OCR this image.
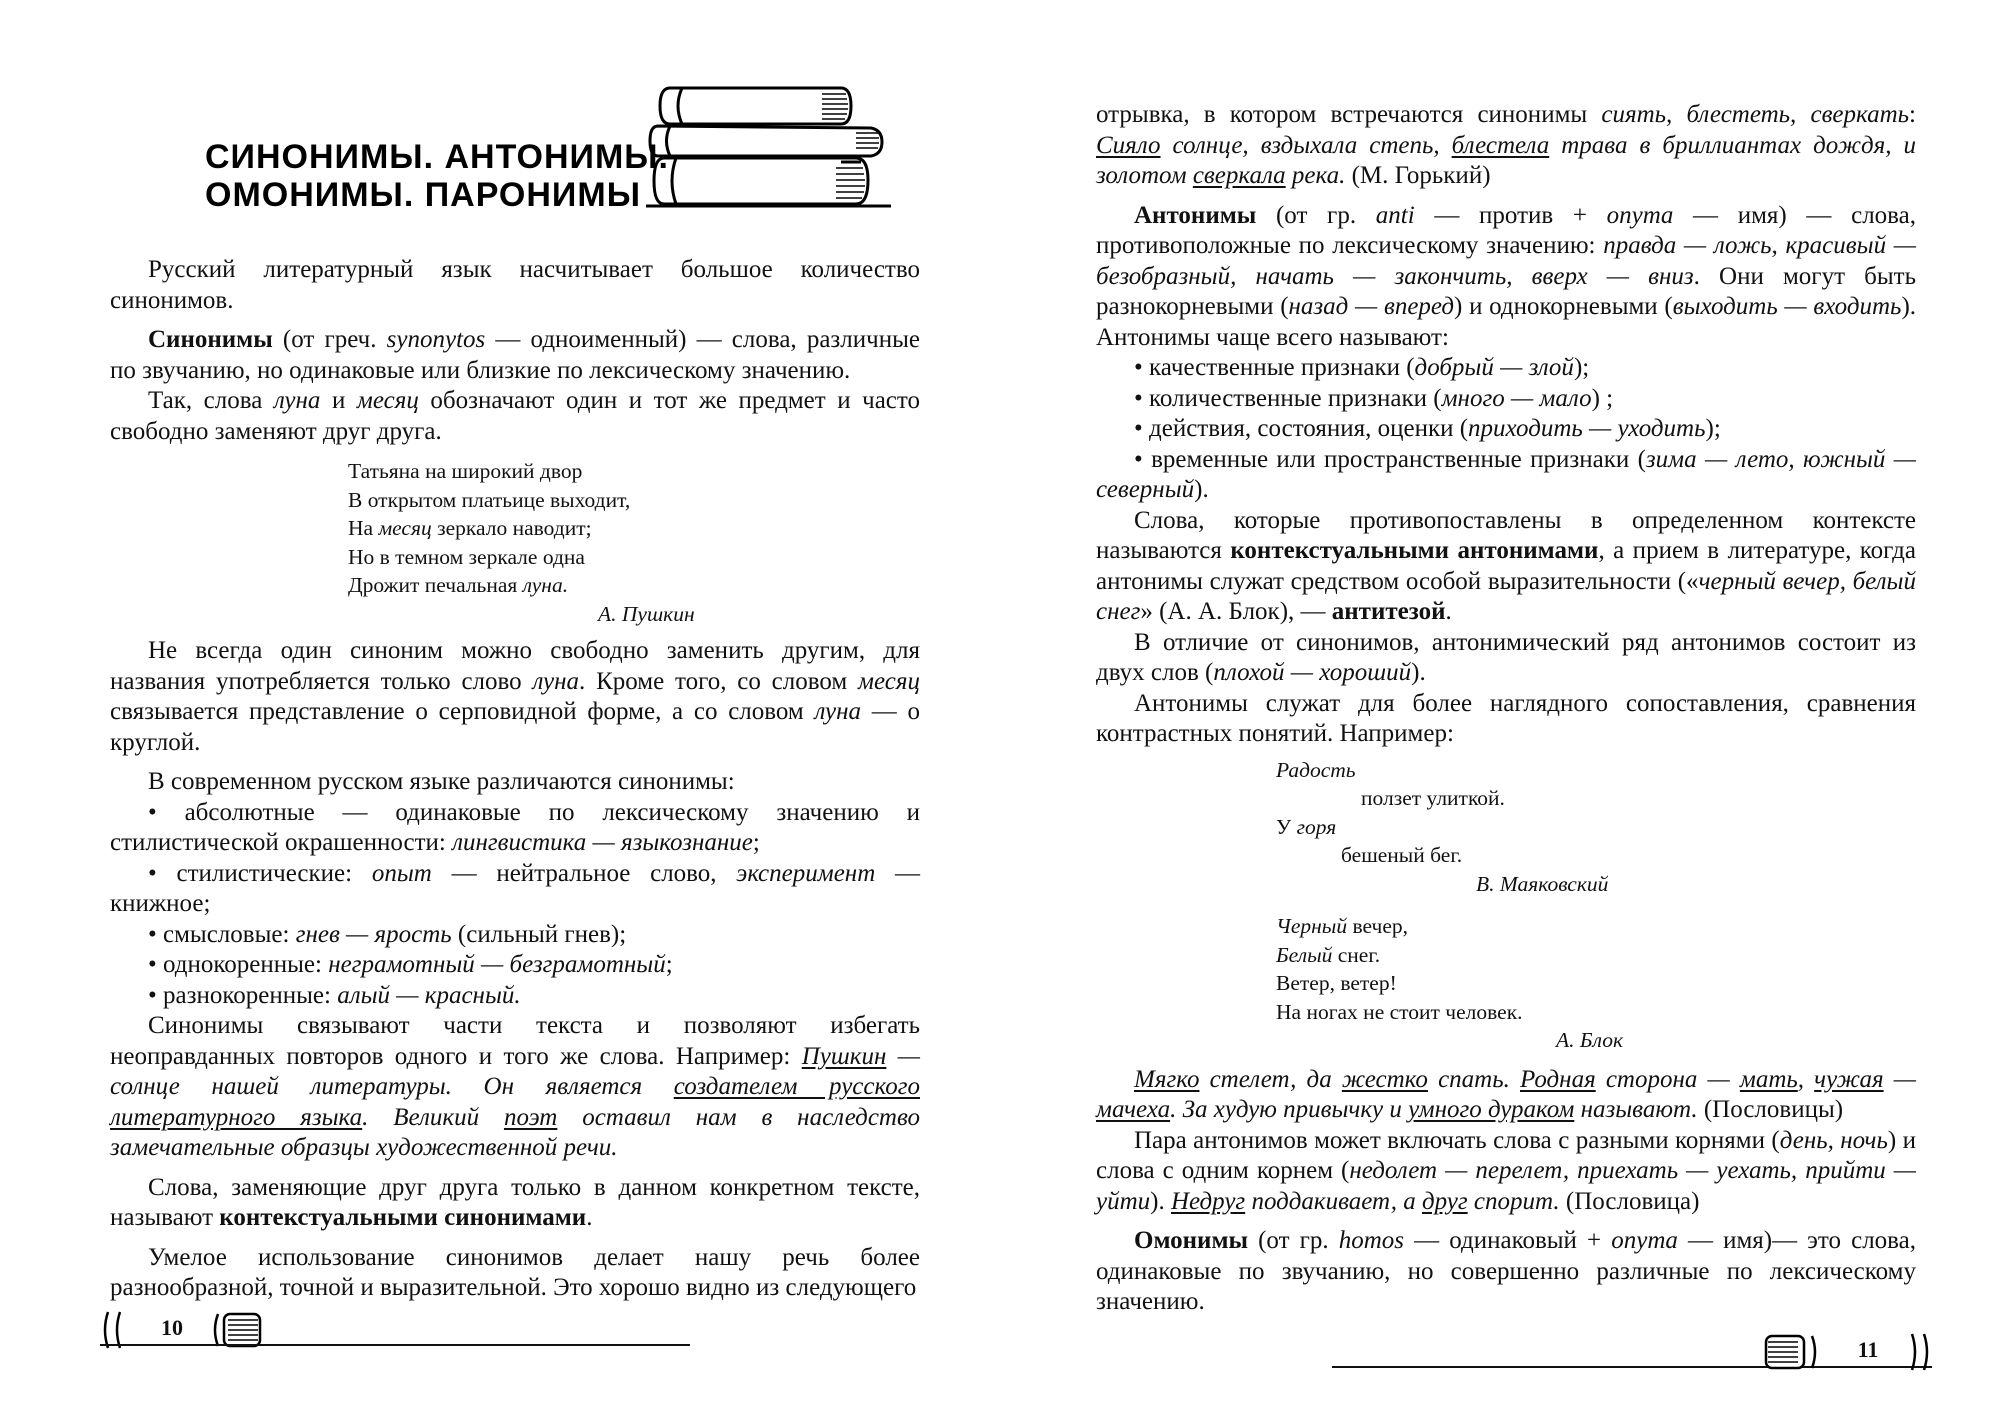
СИНОНИМЫ. АНТОНИМЫ.
ОМОНИМЫ. ПАРОНИМЫ

Русский литературный язык насчитывает большое количество синонимов.

Синонимы (от греч. synonytos — одноименный) — слова, различные по звучанию, но одинаковые или близкие по лексическому значению.

Так, слова луна и месяц обозначают один и тот же предмет и часто свободно заменяют друг друга.

Татьяна на широкий двор
В открытом платьице выходит,
На месяц зеркало наводит;
Но в темном зеркале одна
Дрожит печальная луна.
А. Пушкин

Не всегда один синоним можно свободно заменить другим, для названия употребляется только слово луна. Кроме того, со словом месяц связывается представление о серповидной форме, а со словом луна — о круглой.

В современном русском языке различаются синонимы:

• абсолютные — одинаковые по лексическому значению и стилистической окрашенности: лингвистика — языкознание;

• стилистические: опыт — нейтральное слово, эксперимент — книжное;

• смысловые: гнев — ярость (сильный гнев);

• однокоренные: неграмотный — безграмотный;

• разнокоренные: алый — красный.

Синонимы связывают части текста и позволяют избегать неоправданных повторов одного и того же слова. Например: Пушкин — солнце нашей литературы. Он является создателем русского литературного языка. Великий поэт оставил нам в наследство замечательные образцы художественной речи.

Слова, заменяющие друг друга только в данном конкретном тексте, называют контекстуальными синонимами.

Умелое использование синонимов делает нашу речь более разнообразной, точной и выразительной. Это хорошо видно из следующего

10

отрывка, в котором встречаются синонимы сиять, блестеть, сверкать: Сияло солнце, вздыхала степь, блестела трава в бриллиантах дождя, и золотом сверкала река. (М. Горький)

Антонимы (от гр. anti — против + onyma — имя) — слова, противоположные по лексическому значению: правда — ложь, красивый — безобразный, начать — закончить, вверх — вниз. Они могут быть разнокорневыми (назад — вперед) и однокорневыми (выходить — входить). Антонимы чаще всего называют:

• качественные признаки (добрый — злой);

• количественные признаки (много — мало) ;

• действия, состояния, оценки (приходить — уходить);

• временные или пространственные признаки (зима — лето, южный — северный).

Слова, которые противопоставлены в определенном контексте называются контекстуальными антонимами, а прием в литературе, когда антонимы служат средством особой выразительности («черный вечер, белый снег» (А. А. Блок), — антитезой.

В отличие от синонимов, антонимический ряд антонимов состоит из двух слов (плохой — хороший).

Антонимы служат для более наглядного сопоставления, сравнения контрастных понятий. Например:

Радость
ползет улиткой.
У горя
бешеный бег.
В. Маяковский
Черный вечер,
Белый снег.
Ветер, ветер!
На ногах не стоит человек.
А. Блок

Мягко стелет, да жестко спать. Родная сторона — мать, чужая — мачеха. За худую привычку и умного дураком называют. (Пословицы)

Пара антонимов может включать слова с разными корнями (день, ночь) и слова с одним корнем (недолет — перелет, приехать — уехать, прийти — уйти). Недруг поддакивает, а друг спорит. (Пословица)

Омонимы (от гр. homos — одинаковый + onyma — имя)— это слова, одинаковые по звучанию, но совершенно различные по лексическому значению.

11
